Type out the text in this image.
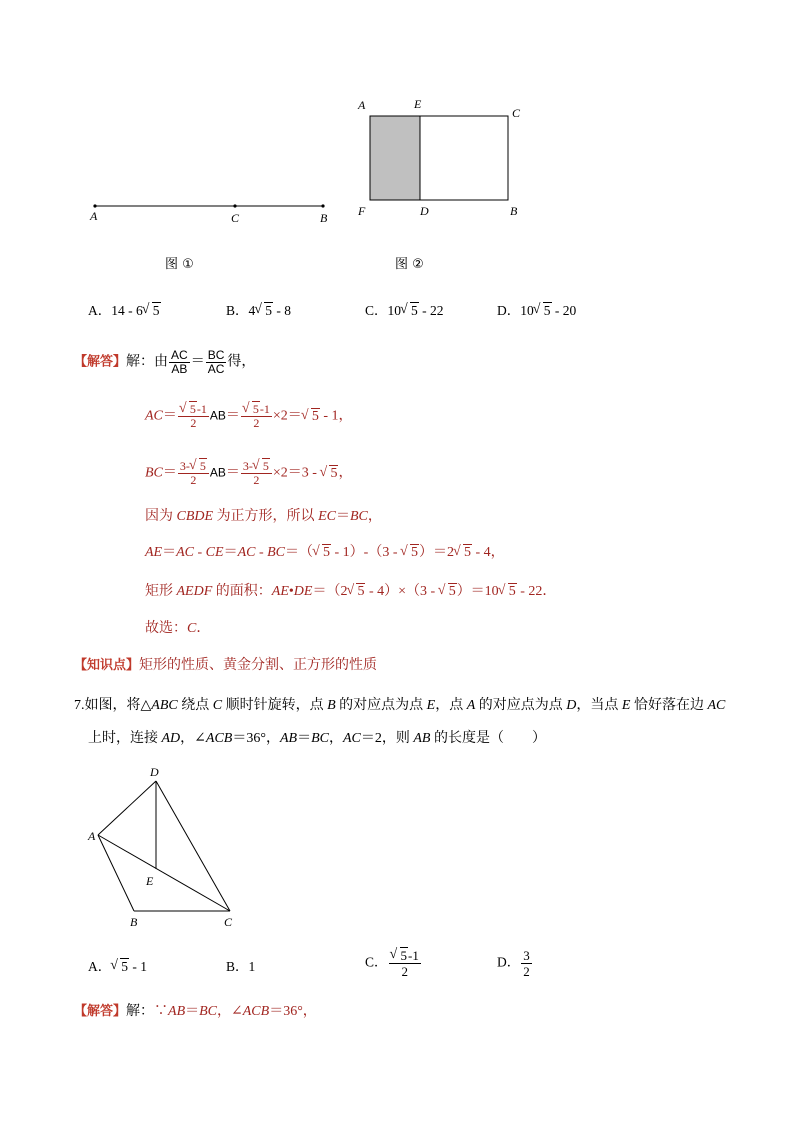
A	C	B
图 ①
A	E
C
F	D	B
图 ②
A．14 - 6√ 5	B．4√ 5 - 8	C．10√ 5 - 22	D．10√ 5 - 20
【解答】解：由 $\frac{AC}{AB} = \frac{BC}{AC}$ 得，
AC＝
√ $\frac{5-1}{2} AB=$
√ $\frac{5-1}{2} \times 2=√$ 5 - 1，
$BC= \frac{3-√ 5}{2} AB= \frac{3-√ 5}{2} \times 2=3$ - √ 5，
因为 CBDE 为正方形，所以 EC＝BC，
AE＝AC - CE＝AC - BC＝（√ 5 - 1）-（3 - √ 5）＝2√ 5 - 4，
矩形 AEDF 的面积：AE•DE＝（2√ 5 - 4）×（3 - √ 5）＝10√ 5 - 22．
故选：C．
【知识点】矩形的性质、黄金分割、正方形的性质
7.如图，将△ABC 绕点 C 顺时针旋转，点 B 的对应点为点 E，点 A 的对应点为点 D，当点 E 恰好落在边 AC
上时，连接 AD，∠ACB＝36°，AB＝BC，AC＝2，则 AB 的长度是（　　）
D
A
E
B	C
A．√ 5 - 1	B．1	C．
√ $\frac{5-1}{2}$	D． $\frac{3}{2}$
【解答】解：∵AB＝BC，∠ACB＝36°，
